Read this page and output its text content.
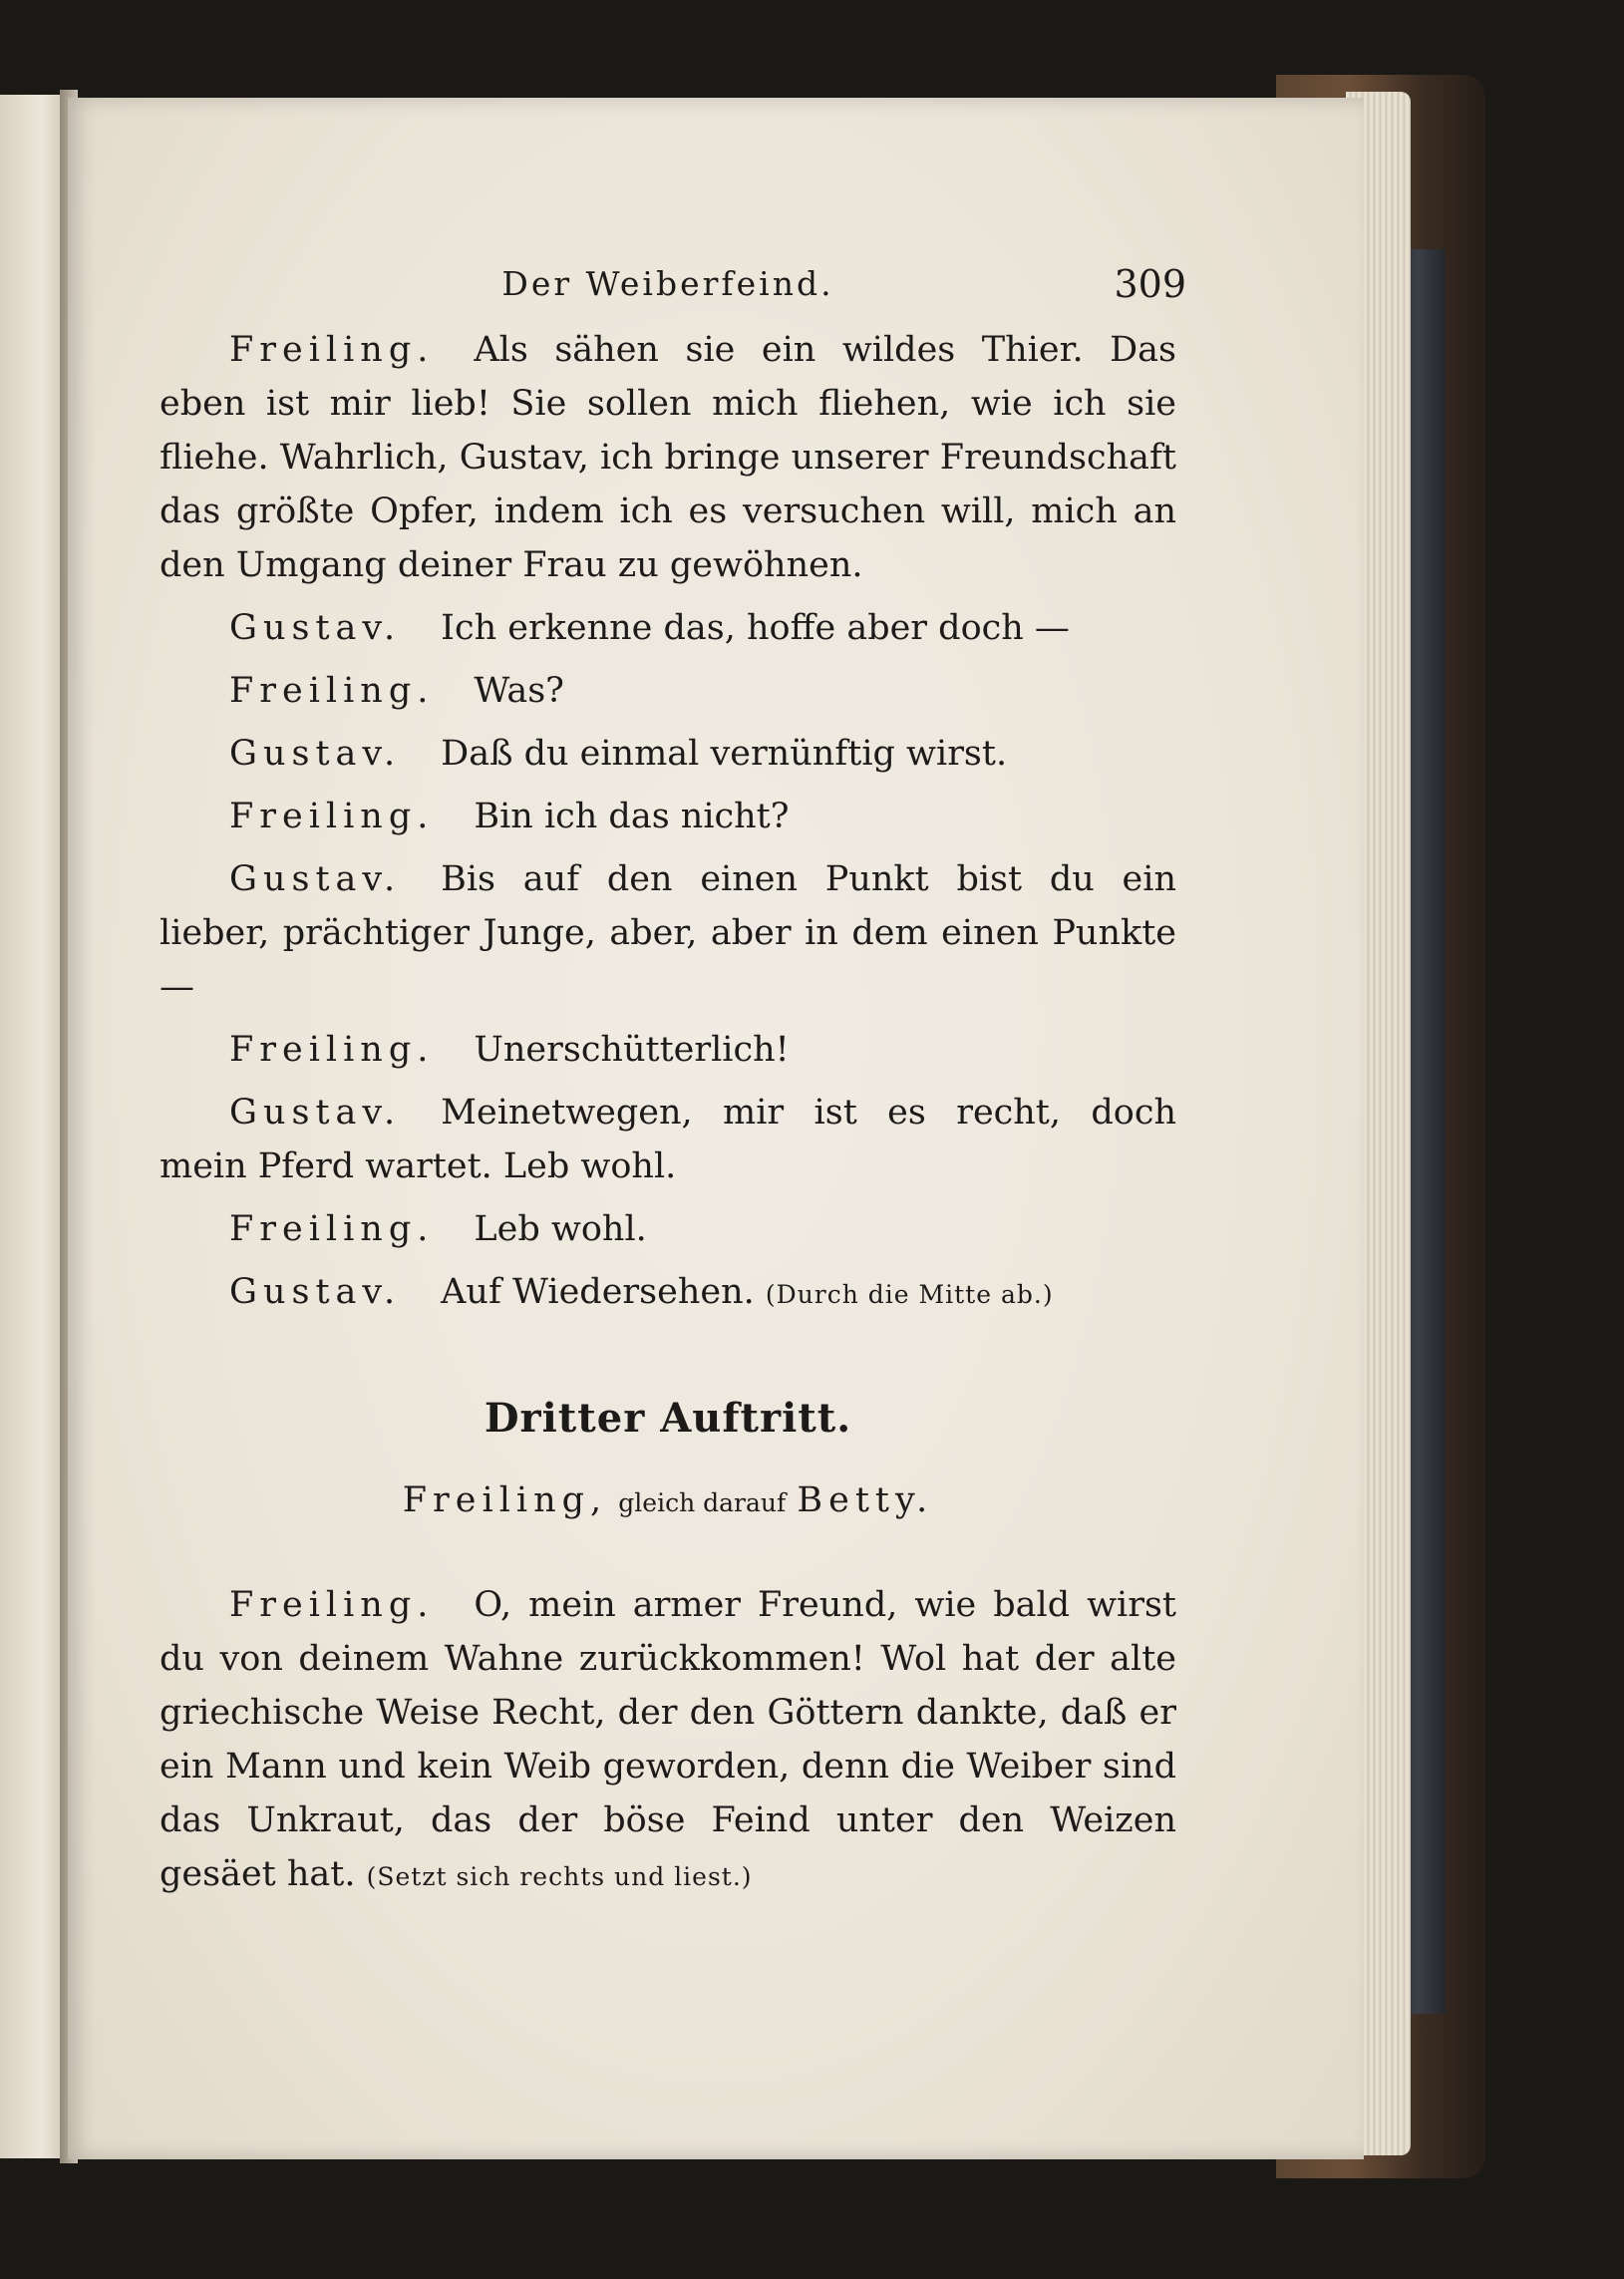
Der Weiberfeind.	309

Freiling. Als sähen sie ein wildes Thier. Das eben ist mir lieb! Sie sollen mich fliehen, wie ich sie fliehe. Wahrlich, Gustav, ich bringe unserer Freundschaft das größte Opfer, indem ich es versuchen will, mich an den Umgang deiner Frau zu gewöhnen.

Gustav. Ich erkenne das, hoffe aber doch —

Freiling. Was?

Gustav. Daß du einmal vernünftig wirst.

Freiling. Bin ich das nicht?

Gustav. Bis auf den einen Punkt bist du ein lieber, prächtiger Junge, aber, aber in dem einen Punkte —

Freiling. Unerschütterlich!

Gustav. Meinetwegen, mir ist es recht, doch mein Pferd wartet. Leb wohl.

Freiling. Leb wohl.

Gustav. Auf Wiedersehen. (Durch die Mitte ab.)

Dritter Auftritt.
Freiling, gleich darauf Betty.

Freiling. O, mein armer Freund, wie bald wirst du von deinem Wahne zurückkommen! Wol hat der alte griechische Weise Recht, der den Göttern dankte, daß er ein Mann und kein Weib geworden, denn die Weiber sind das Unkraut, das der böse Feind unter den Weizen gesäet hat. (Setzt sich rechts und liest.)
